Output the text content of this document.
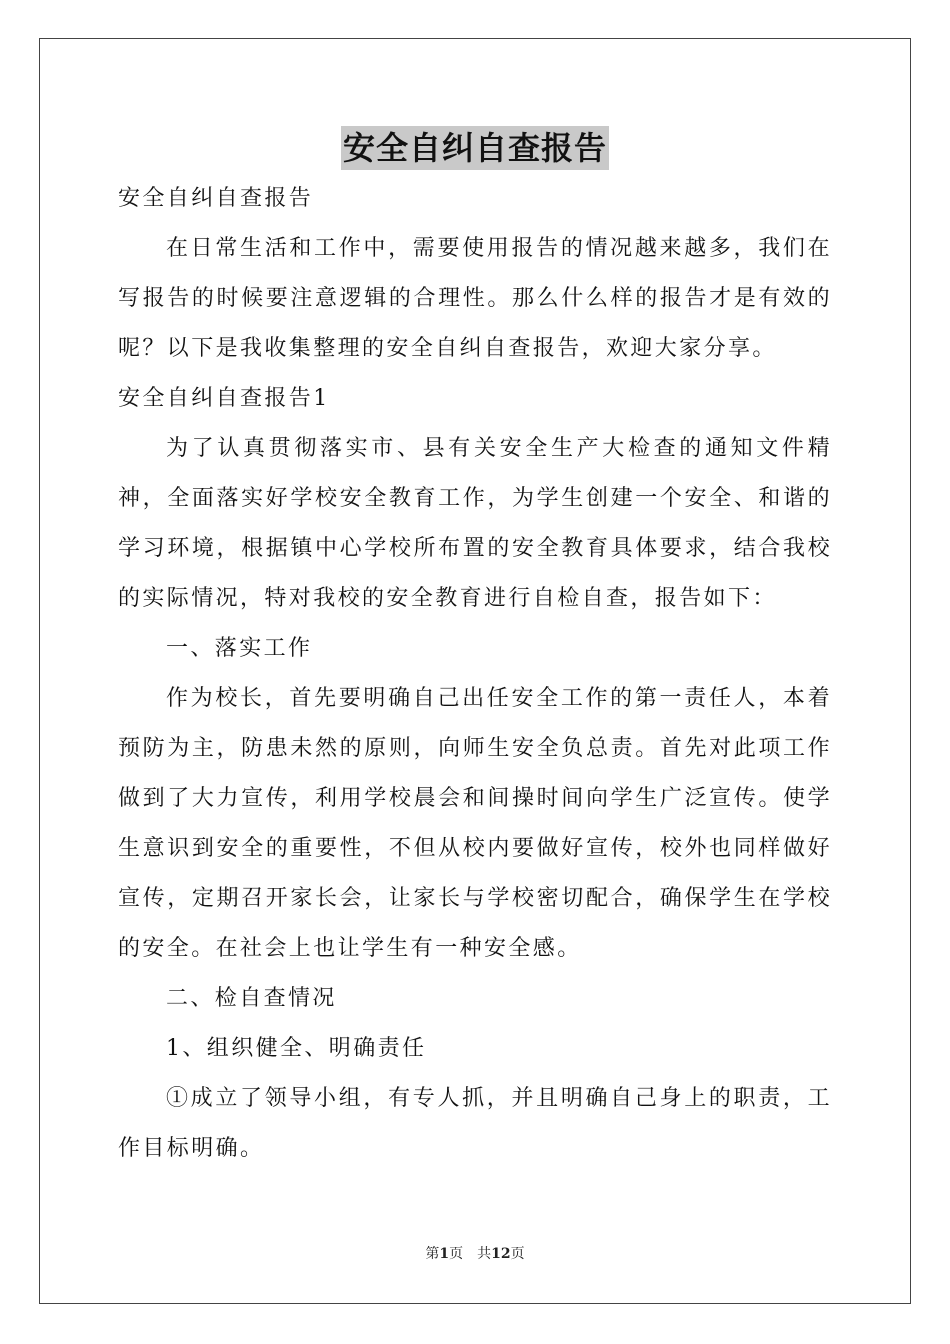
安全自纠自查报告
安全自纠自查报告

在日常生活和工作中，需要使用报告的情况越来越多，我们在写报告的时候要注意逻辑的合理性。那么什么样的报告才是有效的呢？以下是我收集整理的安全自纠自查报告，欢迎大家分享。

安全自纠自查报告1

为了认真贯彻落实市、县有关安全生产大检查的通知文件精神，全面落实好学校安全教育工作，为学生创建一个安全、和谐的学习环境，根据镇中心学校所布置的安全教育具体要求，结合我校的实际情况，特对我校的安全教育进行自检自查，报告如下：

一、落实工作

作为校长，首先要明确自己出任安全工作的第一责任人，本着预防为主，防患未然的原则，向师生安全负总责。首先对此项工作做到了大力宣传，利用学校晨会和间操时间向学生广泛宣传。使学生意识到安全的重要性，不但从校内要做好宣传，校外也同样做好宣传，定期召开家长会，让家长与学校密切配合，确保学生在学校的安全。在社会上也让学生有一种安全感。

二、检自查情况
1、组织健全、明确责任

①成立了领导小组，有专人抓，并且明确自己身上的职责，工作目标明确。

第1页 共12页
